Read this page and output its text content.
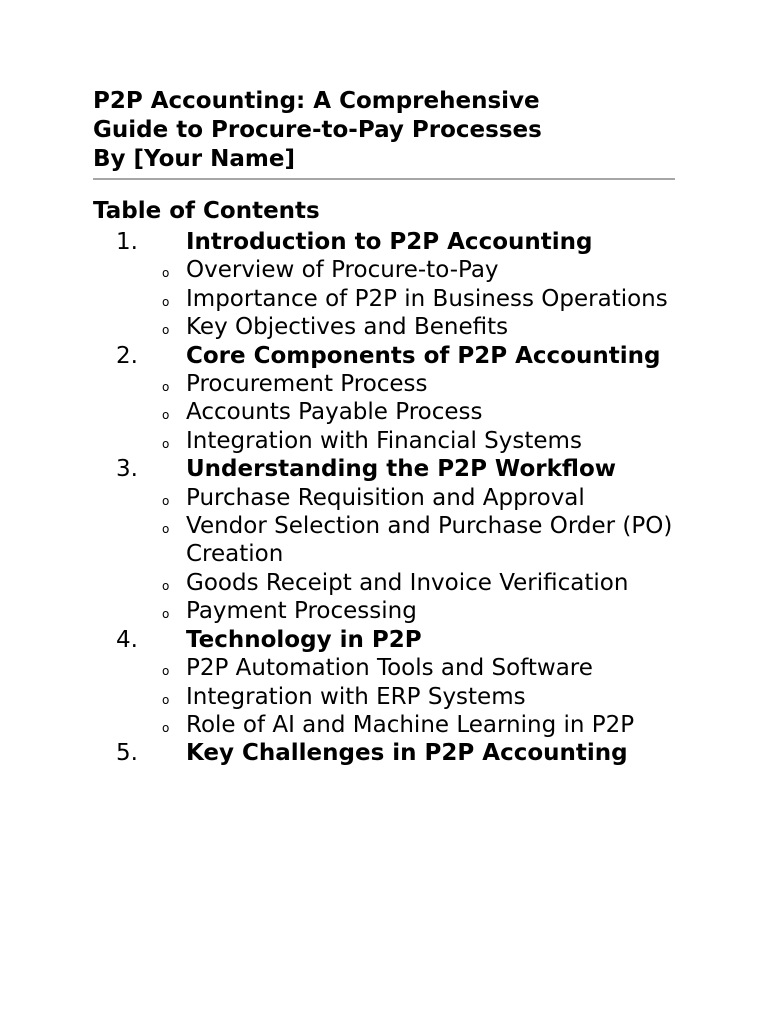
P2P Accounting: A Comprehensive
Guide to Procure-to-Pay Processes
By [Your Name]
Table of Contents
1.	Introduction to P2P Accounting
o Overview of Procure-to-Pay
o Importance of P2P in Business Operations
o Key Objectives and Benefits
2.	Core Components of P2P Accounting
o Procurement Process
o Accounts Payable Process
o Integration with Financial Systems
3.	Understanding the P2P Workflow
o Purchase Requisition and Approval
o Vendor Selection and Purchase Order (PO) Creation
o Goods Receipt and Invoice Verification
o Payment Processing
4.	Technology in P2P
o P2P Automation Tools and Software
o Integration with ERP Systems
o Role of AI and Machine Learning in P2P
5.	Key Challenges in P2P Accounting
